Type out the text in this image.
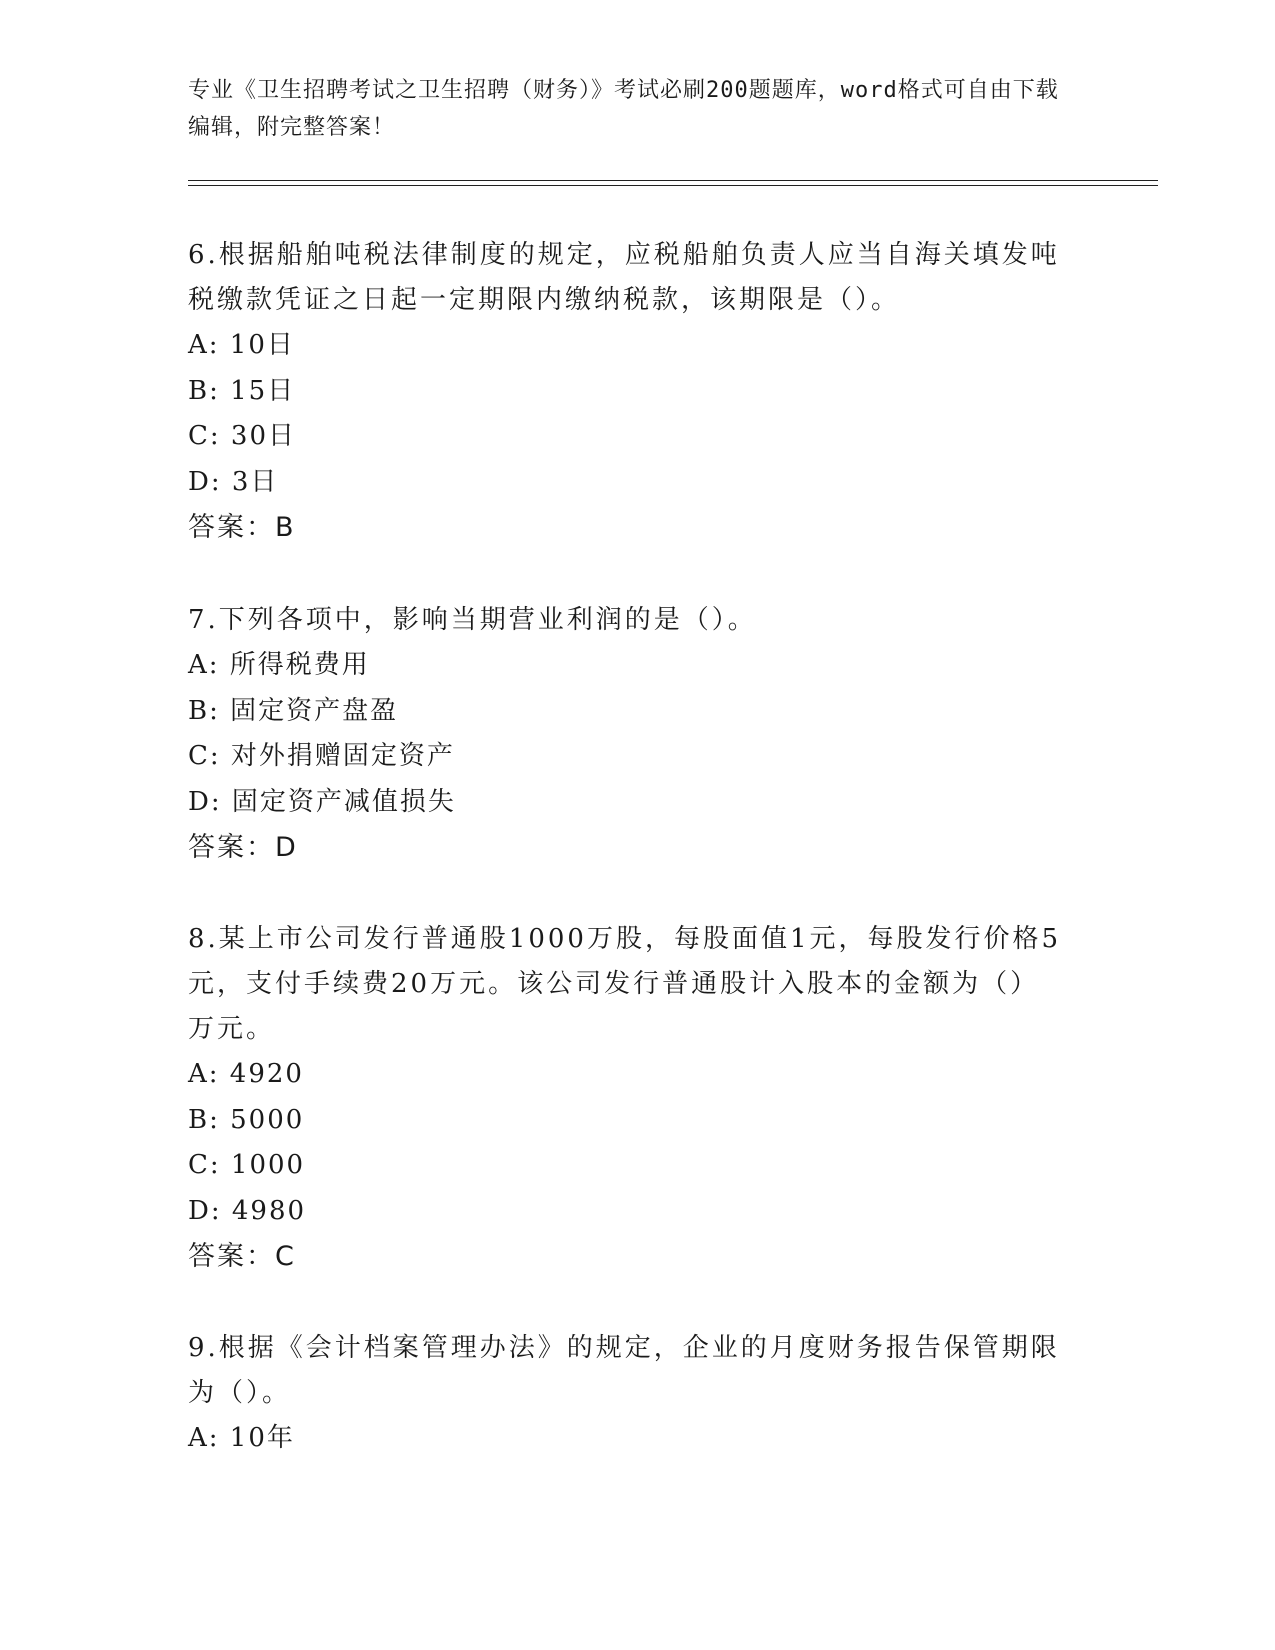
专业《卫生招聘考试之卫生招聘（财务）》考试必刷200题题库，word格式可自由下载编辑，附完整答案！

6.根据船舶吨税法律制度的规定，应税船舶负责人应当自海关填发吨税缴款凭证之日起一定期限内缴纳税款，该期限是（）。

A: 10日

B: 15日

C: 30日

D: 3日

答案：B

7.下列各项中，影响当期营业利润的是（）。

A: 所得税费用

B: 固定资产盘盈

C: 对外捐赠固定资产

D: 固定资产减值损失

答案：D

8.某上市公司发行普通股1000万股，每股面值1元，每股发行价格5元，支付手续费20万元。该公司发行普通股计入股本的金额为（）万元。

A: 4920

B: 5000

C: 1000

D: 4980

答案：C

9.根据《会计档案管理办法》的规定，企业的月度财务报告保管期限为（）。

A: 10年
